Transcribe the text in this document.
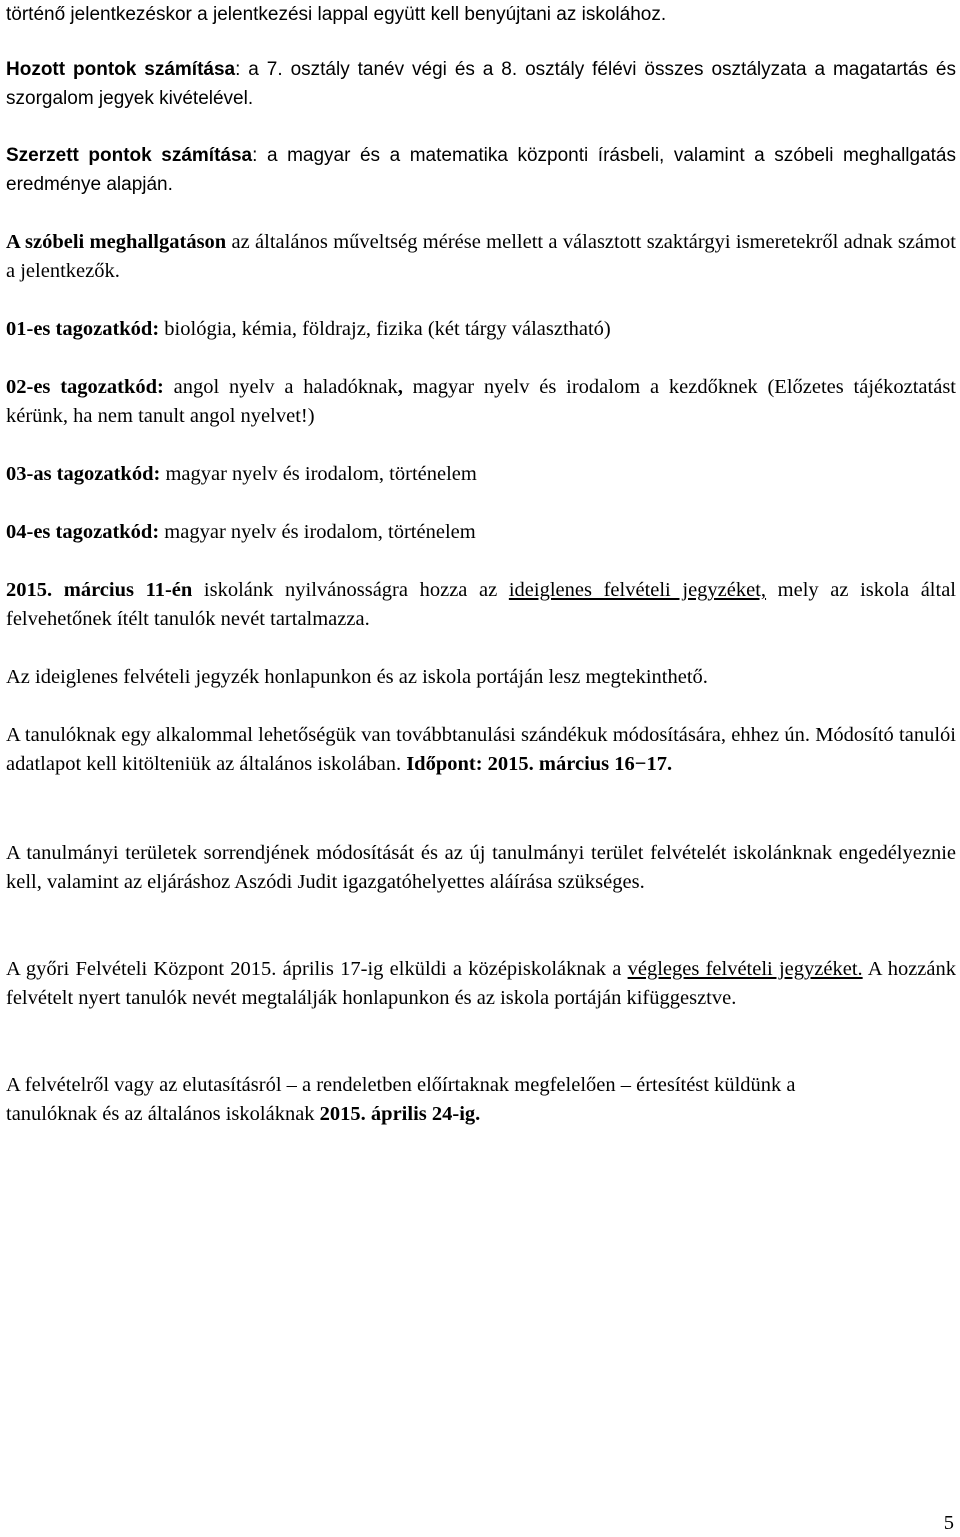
történő jelentkezéskor a jelentkezési lappal együtt kell benyújtani az iskolához.

Hozott pontok számítása: a 7. osztály tanév végi és a 8. osztály félévi összes osztályzata a magatartás és szorgalom jegyek kivételével.

Szerzett pontok számítása: a magyar és a matematika központi írásbeli, valamint a szóbeli meghallgatás eredménye alapján.

A szóbeli meghallgatáson az általános műveltség mérése mellett a választott szaktárgyi ismeretekről adnak számot a jelentkezők.

01-es tagozatkód: biológia, kémia, földrajz, fizika (két tárgy választható)

02-es tagozatkód: angol nyelv a haladóknak, magyar nyelv és irodalom a kezdőknek (Előzetes tájékoztatást kérünk, ha nem tanult angol nyelvet!)

03-as tagozatkód: magyar nyelv és irodalom, történelem

04-es tagozatkód: magyar nyelv és irodalom, történelem

2015. március 11-én iskolánk nyilvánosságra hozza az ideiglenes felvételi jegyzéket, mely az iskola által felvehetőnek ítélt tanulók nevét tartalmazza.

Az ideiglenes felvételi jegyzék honlapunkon és az iskola portáján lesz megtekinthető.

A tanulóknak egy alkalommal lehetőségük van továbbtanulási szándékuk módosítására, ehhez ún. Módosító tanulói adatlapot kell kitölteniük az általános iskolában. Időpont: 2015. március 16−17.

A tanulmányi területek sorrendjének módosítását és az új tanulmányi terület felvételét iskolánknak engedélyeznie kell, valamint az eljáráshoz Aszódi Judit igazgatóhelyettes aláírása szükséges.

A győri Felvételi Központ 2015. április 17-ig elküldi a középiskoláknak a végleges felvételi jegyzéket. A hozzánk felvételt nyert tanulók nevét megtalálják honlapunkon és az iskola portáján kifüggesztve.

A felvételről vagy az elutasításról – a rendeletben előírtaknak megfelelően – értesítést küldünk a tanulóknak és az általános iskoláknak 2015. április 24-ig.

5
